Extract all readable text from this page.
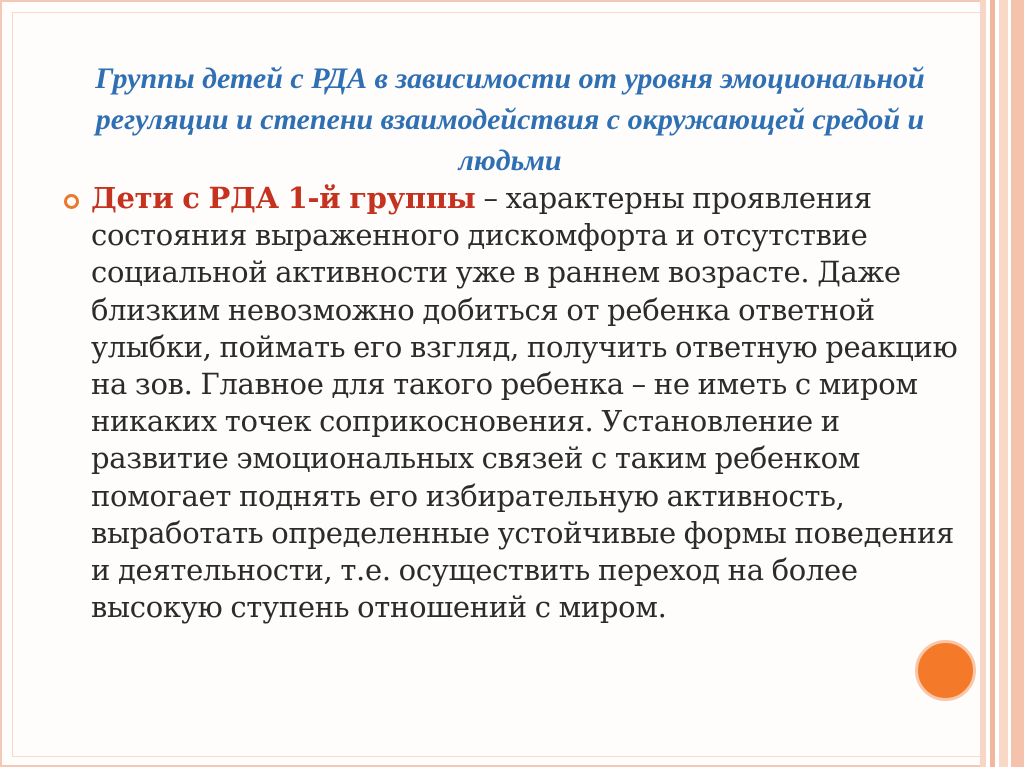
Группы детей с РДА в зависимости от уровня эмоциональной регуляции и степени взаимодействия с окружающей средой и людьми

Дети с РДА 1-й группы – характерны проявления состояния выраженного дискомфорта и отсутствие социальной активности уже в раннем возрасте. Даже близким невозможно добиться от ребенка ответной улыбки, поймать его взгляд, получить ответную реакцию на зов. Главное для такого ребенка – не иметь с миром никаких точек соприкосновения. Установление и развитие эмоциональных связей с таким ребенком помогает поднять его избирательную активность, выработать определенные устойчивые формы поведения и деятельности, т.е. осуществить переход на более высокую ступень отношений с миром.
